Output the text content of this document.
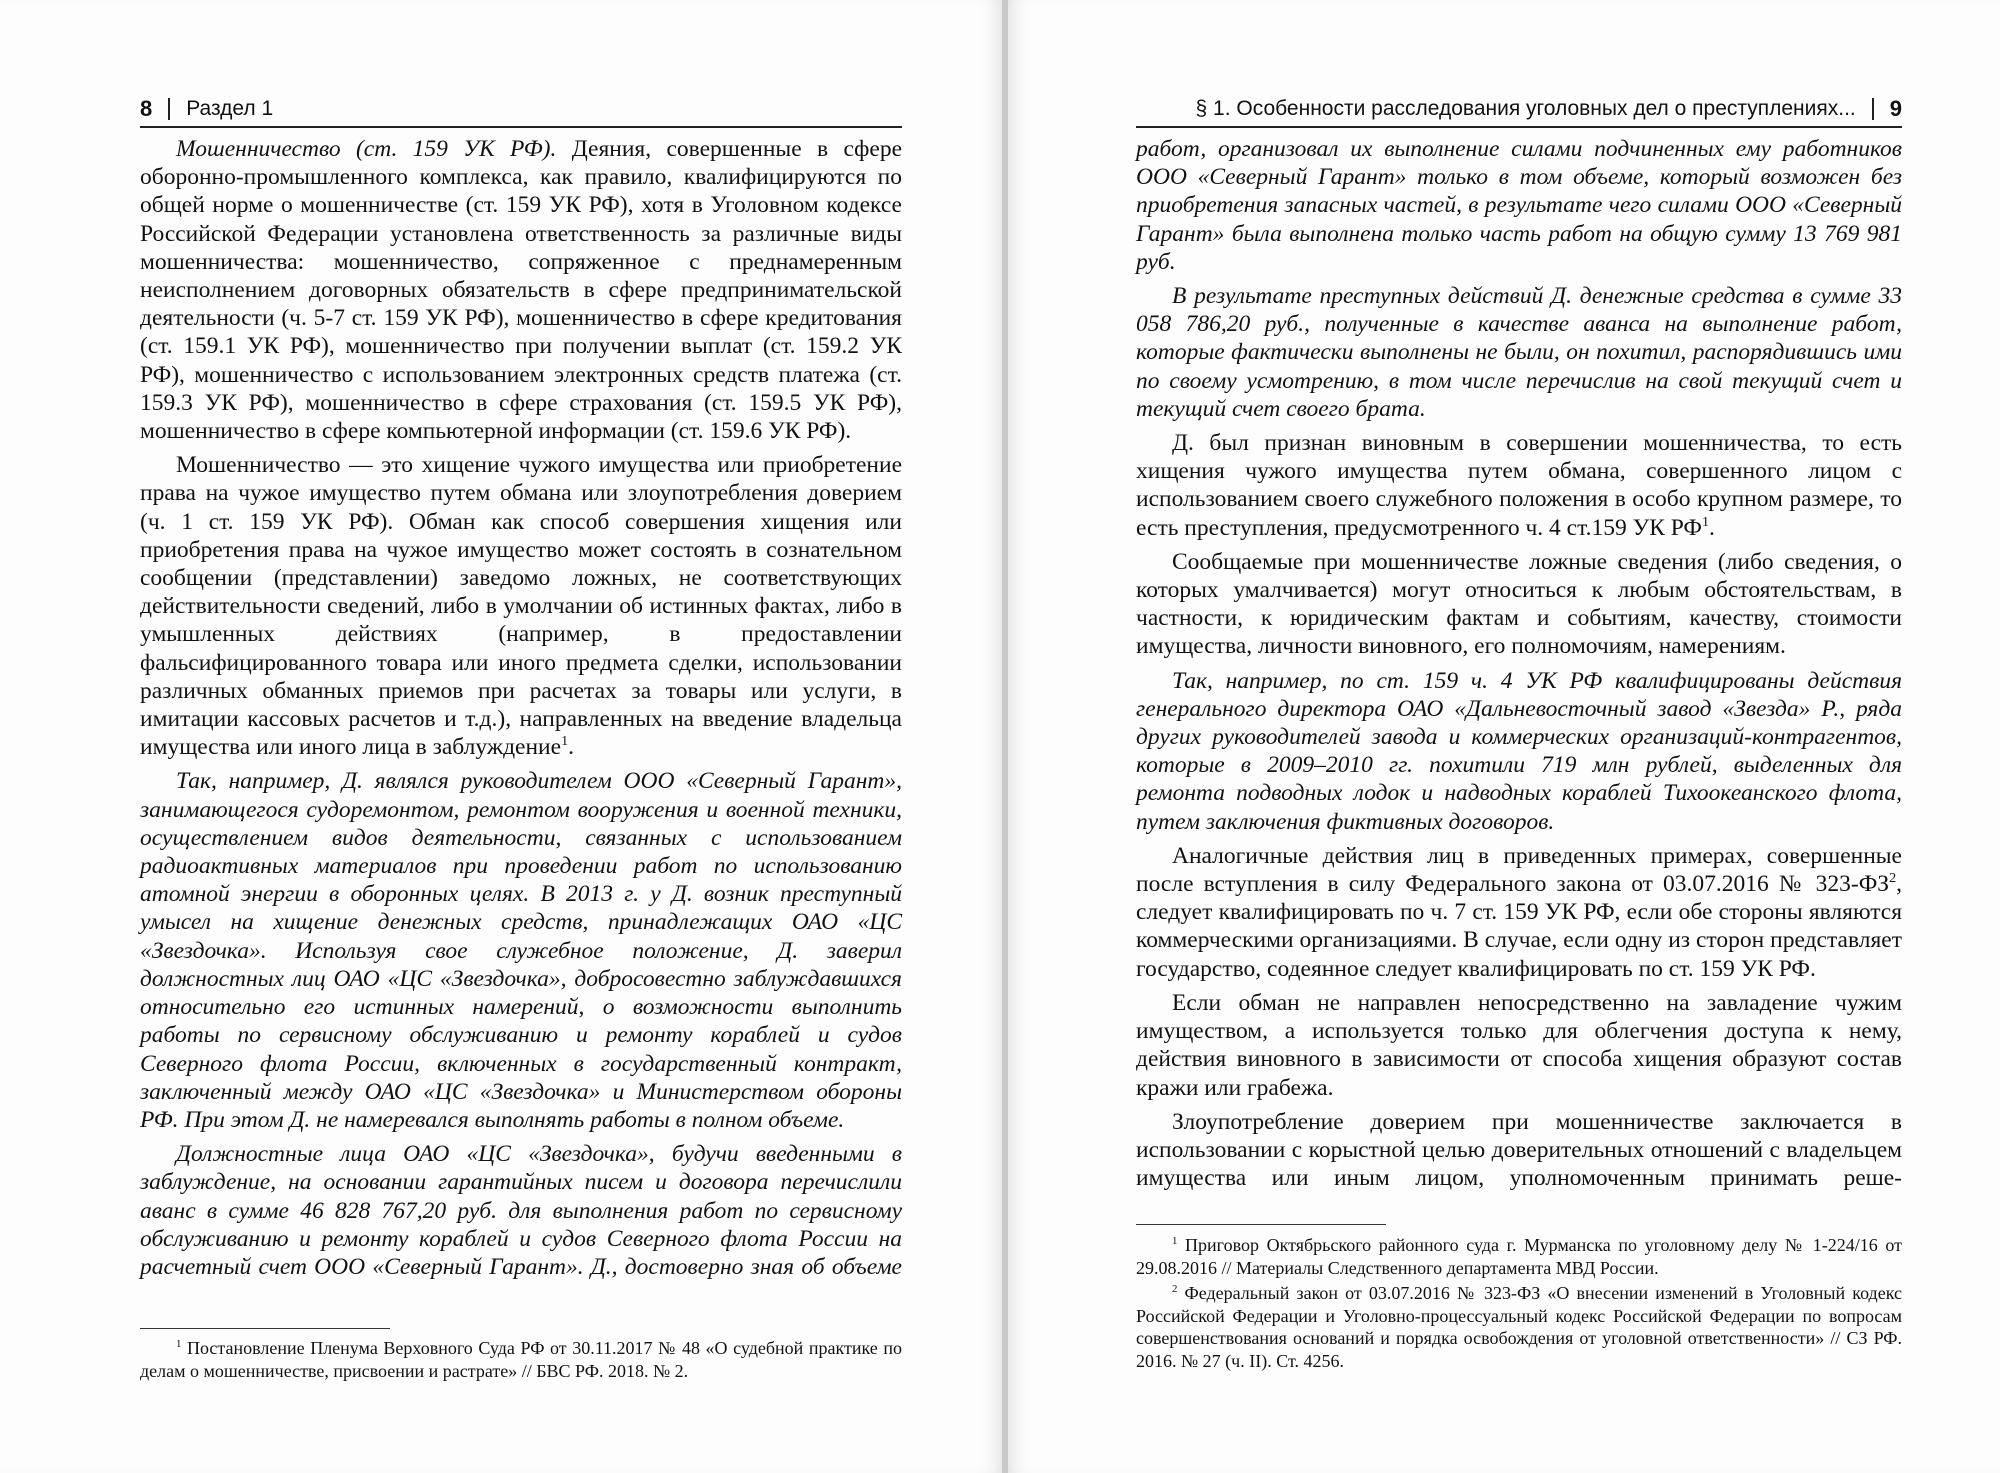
8 Раздел 1

Мошенничество (ст. 159 УК РФ). Деяния, совершенные в сфере оборонно-промышленного комплекса, как правило, квалифицируются по общей норме о мошенничестве (ст. 159 УК РФ), хотя в Уголовном кодексе Российской Федерации установлена ответственность за различные виды мошенничества: мошенничество, сопряженное с преднамеренным неисполнением договорных обязательств в сфере предпринимательской деятельности (ч. 5-7 ст. 159 УК РФ), мошенничество в сфере кредитования (ст. 159.1 УК РФ), мошенничество при получении выплат (ст. 159.2 УК РФ), мошенничество с использованием электронных средств платежа (ст. 159.3 УК РФ), мошенничество в сфере страхования (ст. 159.5 УК РФ), мошенничество в сфере компьютерной информации (ст. 159.6 УК РФ).

Мошенничество — это хищение чужого имущества или приобретение права на чужое имущество путем обмана или злоупотребления доверием (ч. 1 ст. 159 УК РФ). Обман как способ совершения хищения или приобретения права на чужое имущество может состоять в сознательном сообщении (представлении) заведомо ложных, не соответствующих действительности сведений, либо в умолчании об истинных фактах, либо в умышленных действиях (например, в предоставлении фальсифицированного товара или иного предмета сделки, использовании различных обманных приемов при расчетах за товары или услуги, в имитации кассовых расчетов и т.д.), направленных на введение владельца имущества или иного лица в заблуждение$^1$.

Так, например, Д. являлся руководителем ООО «Северный Гарант», занимающегося судоремонтом, ремонтом вооружения и военной техники, осуществлением видов деятельности, связанных с использованием радиоактивных материалов при проведении работ по использованию атомной энергии в оборонных целях. В 2013 г. у Д. возник преступный умысел на хищение денежных средств, принадлежащих ОАО «ЦС «Звездочка». Используя свое служебное положение, Д. заверил должностных лиц ОАО «ЦС «Звездочка», добросовестно заблуждавшихся относительно его истинных намерений, о возможности выполнить работы по сервисному обслуживанию и ремонту кораблей и судов Северного флота России, включенных в государственный контракт, заключенный между ОАО «ЦС «Звездочка» и Министерством обороны РФ. При этом Д. не намеревался выполнять работы в полном объеме.

Должностные лица ОАО «ЦС «Звездочка», будучи введенными в заблуждение, на основании гарантийных писем и договора перечислили аванс в сумме 46 828 767,20 руб. для выполнения работ по сервисному обслуживанию и ремонту кораблей и судов Северного флота России на расчетный счет ООО «Северный Гарант». Д., достоверно зная об объеме

$^1$ Постановление Пленума Верховного Суда РФ от 30.11.2017 № 48 «О судебной практике по делам о мошенничестве, присвоении и растрате» // БВС РФ. 2018. № 2.

§ 1. Особенности расследования уголовных дел о преступлениях... 9

работ, организовал их выполнение силами подчиненных ему работников ООО «Северный Гарант» только в том объеме, который возможен без приобретения запасных частей, в результате чего силами ООО «Северный Гарант» была выполнена только часть работ на общую сумму 13 769 981 руб.

В результате преступных действий Д. денежные средства в сумме 33 058 786,20 руб., полученные в качестве аванса на выполнение работ, которые фактически выполнены не были, он похитил, распорядившись ими по своему усмотрению, в том числе перечислив на свой текущий счет и текущий счет своего брата.

Д. был признан виновным в совершении мошенничества, то есть хищения чужого имущества путем обмана, совершенного лицом с использованием своего служебного положения в особо крупном размере, то есть преступления, предусмотренного ч. 4 ст.159 УК $РФ^1$.

Сообщаемые при мошенничестве ложные сведения (либо сведения, о которых умалчивается) могут относиться к любым обстоятельствам, в частности, к юридическим фактам и событиям, качеству, стоимости имущества, личности виновного, его полномочиям, намерениям.

Так, например, по ст. 159 ч. 4 УК РФ квалифицированы действия генерального директора ОАО «Дальневосточный завод «Звезда» Р., ряда других руководителей завода и коммерческих организаций-контрагентов, которые в 2009–2010 гг. похитили 719 млн рублей, выделенных для ремонта подводных лодок и надводных кораблей Тихоокеанского флота, путем заключения фиктивных договоров.

Аналогичные действия лиц в приведенных примерах, совершенные после вступления в силу Федерального закона от 03.07.2016 № $323-ФЗ^2$, следует квалифицировать по ч. 7 ст. 159 УК РФ, если обе стороны являются коммерческими организациями. В случае, если одну из сторон представляет государство, содеянное следует квалифицировать по ст. 159 УК РФ.

Если обман не направлен непосредственно на завладение чужим имуществом, а используется только для облегчения доступа к нему, действия виновного в зависимости от способа хищения образуют состав кражи или грабежа.

Злоупотребление доверием при мошенничестве заключается в использовании с корыстной целью доверительных отношений с владельцем имущества или иным лицом, уполномоченным принимать реше-

$^1$ Приговор Октябрьского районного суда г. Мурманска по уголовному делу № 1-224/16 от 29.08.2016 // Материалы Следственного департамента МВД России.

$^2$ Федеральный закон от 03.07.2016 № 323-ФЗ «О внесении изменений в Уголовный кодекс Российской Федерации и Уголовно-процессуальный кодекс Российской Федерации по вопросам совершенствования оснований и порядка освобождения от уголовной ответственности» // СЗ РФ. 2016. № 27 (ч. II). Ст. 4256.
